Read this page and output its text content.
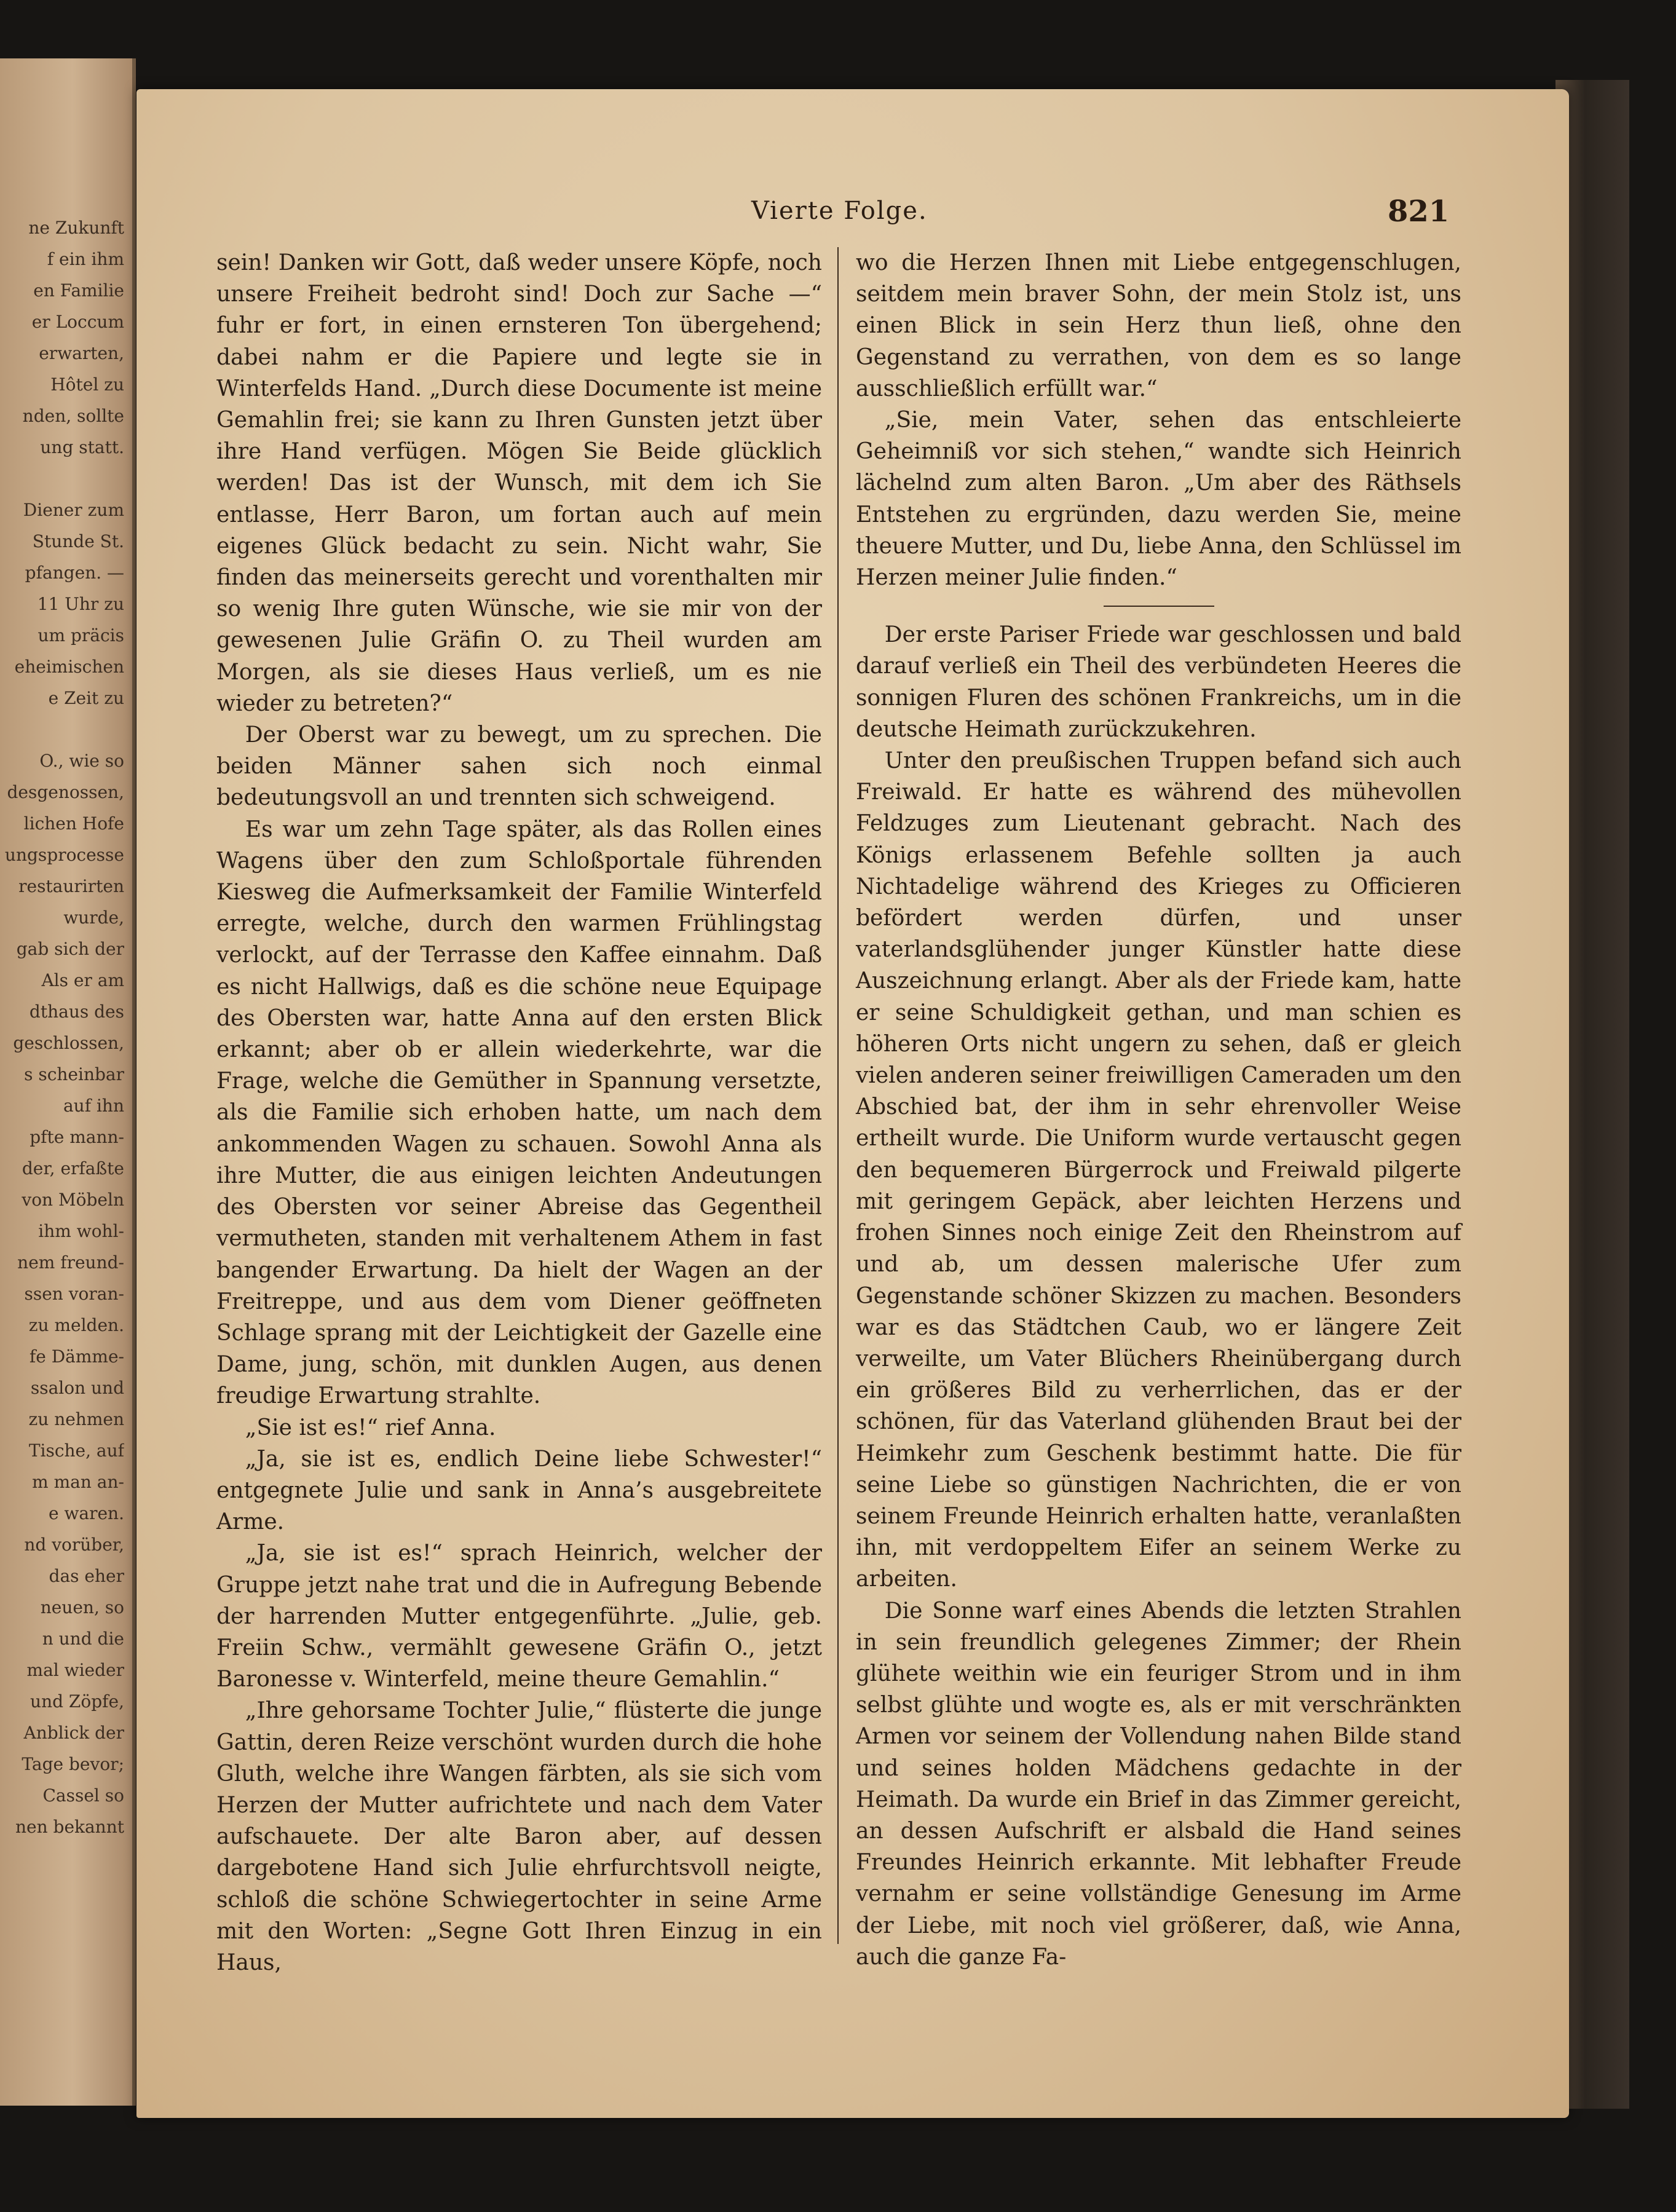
ne Zukunft
f ein ihm
en Familie
er Loccum
erwarten,
Hôtel zu
nden, sollte
ung statt.
Diener zum
Stunde St.
pfangen. —
11 Uhr zu
um präcis
eheimischen
e Zeit zu
O., wie so
desgenossen,
lichen Hofe
ungsprocesse
restaurirten
wurde,
gab sich der
Als er am
dthaus des
geschlossen,
s scheinbar
auf ihn
pfte mann-
der, erfaßte
von Möbeln
ihm wohl-
nem freund-
ssen voran-
zu melden.
fe Dämme-
ssalon und
zu nehmen
Tische, auf
m man an-
e waren.
nd vorüber,
das eher
neuen, so
n und die
mal wieder
und Zöpfe,
Anblick der
Tage bevor;
Cassel so
nen bekannt
Vierte Folge.	821

sein! Danken wir Gott, daß weder unsere Köpfe, noch unsere Freiheit bedroht sind! Doch zur Sache —“ fuhr er fort, in einen ernsteren Ton übergehend; dabei nahm er die Papiere und legte sie in Winterfelds Hand. „Durch diese Documente ist meine Gemahlin frei; sie kann zu Ihren Gunsten jetzt über ihre Hand verfügen. Mögen Sie Beide glücklich werden! Das ist der Wunsch, mit dem ich Sie entlasse, Herr Baron, um fortan auch auf mein eigenes Glück bedacht zu sein. Nicht wahr, Sie finden das meinerseits gerecht und vorenthalten mir so wenig Ihre guten Wünsche, wie sie mir von der gewesenen Julie Gräfin O. zu Theil wurden am Morgen, als sie dieses Haus verließ, um es nie wieder zu betreten?“

Der Oberst war zu bewegt, um zu sprechen. Die beiden Männer sahen sich noch einmal bedeutungsvoll an und trennten sich schweigend.

Es war um zehn Tage später, als das Rollen eines Wagens über den zum Schloßportale führenden Kiesweg die Aufmerksamkeit der Familie Winterfeld erregte, welche, durch den warmen Frühlingstag verlockt, auf der Terrasse den Kaffee einnahm. Daß es nicht Hallwigs, daß es die schöne neue Equipage des Obersten war, hatte Anna auf den ersten Blick erkannt; aber ob er allein wiederkehrte, war die Frage, welche die Gemüther in Spannung versetzte, als die Familie sich erhoben hatte, um nach dem ankommenden Wagen zu schauen. Sowohl Anna als ihre Mutter, die aus einigen leichten Andeutungen des Obersten vor seiner Abreise das Gegentheil vermutheten, standen mit verhaltenem Athem in fast bangender Erwartung. Da hielt der Wagen an der Freitreppe, und aus dem vom Diener geöffneten Schlage sprang mit der Leichtigkeit der Gazelle eine Dame, jung, schön, mit dunklen Augen, aus denen freudige Erwartung strahlte.

„Sie ist es!“ rief Anna.

„Ja, sie ist es, endlich Deine liebe Schwester!“ entgegnete Julie und sank in Anna’s ausgebreitete Arme.

„Ja, sie ist es!“ sprach Heinrich, welcher der Gruppe jetzt nahe trat und die in Aufregung Bebende der harrenden Mutter entgegenführte. „Julie, geb. Freiin Schw., vermählt gewesene Gräfin O., jetzt Baronesse v. Winterfeld, meine theure Gemahlin.“

„Ihre gehorsame Tochter Julie,“ flüsterte die junge Gattin, deren Reize verschönt wurden durch die hohe Gluth, welche ihre Wangen färbten, als sie sich vom Herzen der Mutter aufrichtete und nach dem Vater aufschauete. Der alte Baron aber, auf dessen dargebotene Hand sich Julie ehrfurchtsvoll neigte, schloß die schöne Schwiegertochter in seine Arme mit den Worten: „Segne Gott Ihren Einzug in ein Haus,

wo die Herzen Ihnen mit Liebe entgegenschlugen, seitdem mein braver Sohn, der mein Stolz ist, uns einen Blick in sein Herz thun ließ, ohne den Gegenstand zu verrathen, von dem es so lange ausschließlich erfüllt war.“

„Sie, mein Vater, sehen das entschleierte Geheimniß vor sich stehen,“ wandte sich Heinrich lächelnd zum alten Baron. „Um aber des Räthsels Entstehen zu ergründen, dazu werden Sie, meine theuere Mutter, und Du, liebe Anna, den Schlüssel im Herzen meiner Julie finden.“

Der erste Pariser Friede war geschlossen und bald darauf verließ ein Theil des verbündeten Heeres die sonnigen Fluren des schönen Frankreichs, um in die deutsche Heimath zurückzukehren.

Unter den preußischen Truppen befand sich auch Freiwald. Er hatte es während des mühevollen Feldzuges zum Lieutenant gebracht. Nach des Königs erlassenem Befehle sollten ja auch Nichtadelige während des Krieges zu Officieren befördert werden dürfen, und unser vaterlandsglühender junger Künstler hatte diese Auszeichnung erlangt. Aber als der Friede kam, hatte er seine Schuldigkeit gethan, und man schien es höheren Orts nicht ungern zu sehen, daß er gleich vielen anderen seiner freiwilligen Cameraden um den Abschied bat, der ihm in sehr ehrenvoller Weise ertheilt wurde. Die Uniform wurde vertauscht gegen den bequemeren Bürgerrock und Freiwald pilgerte mit geringem Gepäck, aber leichten Herzens und frohen Sinnes noch einige Zeit den Rheinstrom auf und ab, um dessen malerische Ufer zum Gegenstande schöner Skizzen zu machen. Besonders war es das Städtchen Caub, wo er längere Zeit verweilte, um Vater Blüchers Rheinübergang durch ein größeres Bild zu verherrlichen, das er der schönen, für das Vaterland glühenden Braut bei der Heimkehr zum Geschenk bestimmt hatte. Die für seine Liebe so günstigen Nachrichten, die er von seinem Freunde Heinrich erhalten hatte, veranlaßten ihn, mit verdoppeltem Eifer an seinem Werke zu arbeiten.

Die Sonne warf eines Abends die letzten Strahlen in sein freundlich gelegenes Zimmer; der Rhein glühete weithin wie ein feuriger Strom und in ihm selbst glühte und wogte es, als er mit verschränkten Armen vor seinem der Vollendung nahen Bilde stand und seines holden Mädchens gedachte in der Heimath. Da wurde ein Brief in das Zimmer gereicht, an dessen Aufschrift er alsbald die Hand seines Freundes Heinrich erkannte. Mit lebhafter Freude vernahm er seine vollständige Genesung im Arme der Liebe, mit noch viel größerer, daß, wie Anna, auch die ganze Fa-
